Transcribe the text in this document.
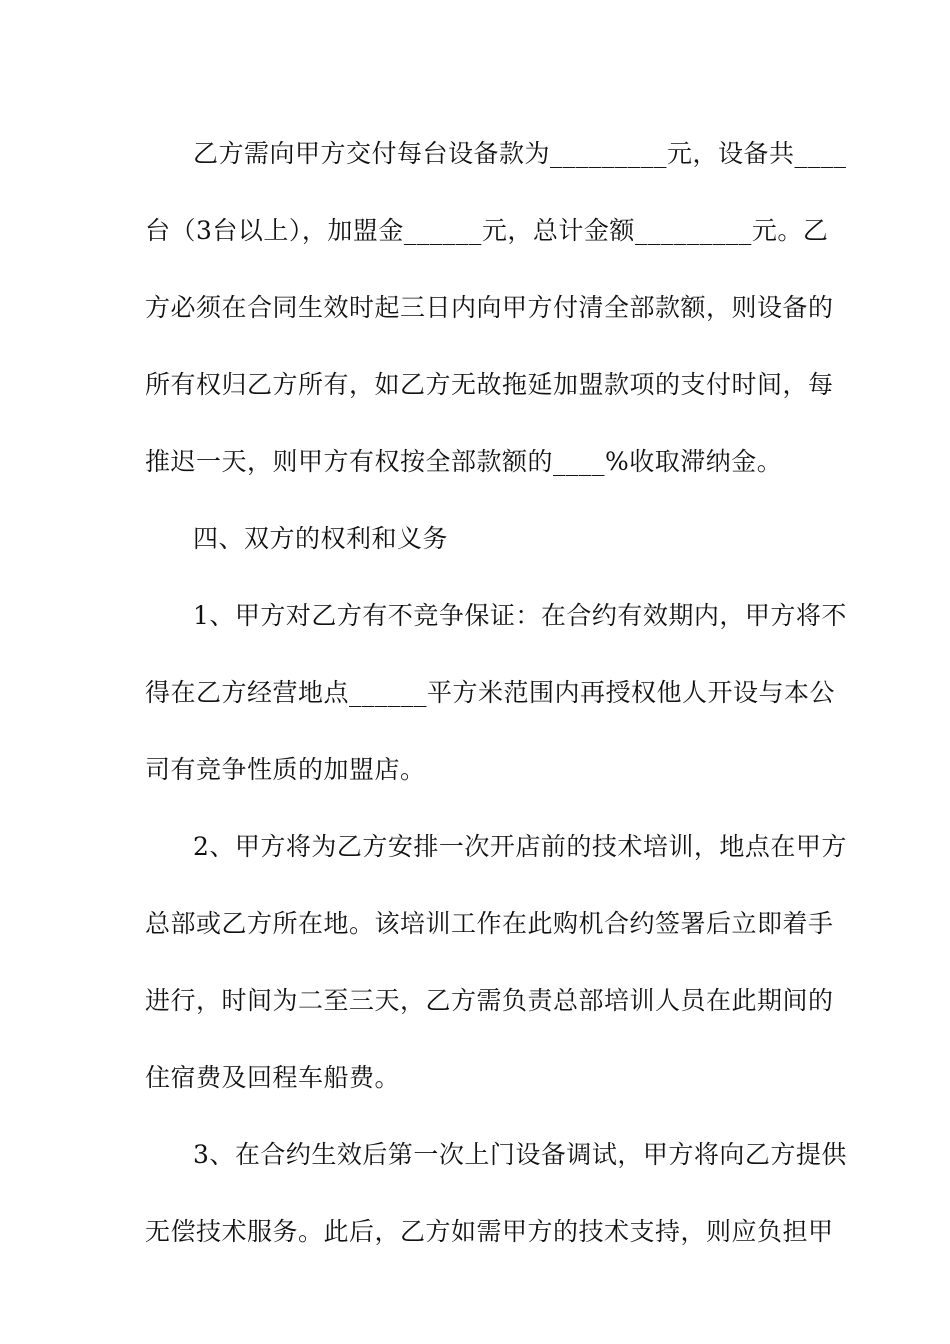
乙方需向甲方交付每台设备款为_________元，设备共____
台（3台以上），加盟金______元，总计金额_________元。乙
方必须在合同生效时起三日内向甲方付清全部款额，则设备的
所有权归乙方所有，如乙方无故拖延加盟款项的支付时间，每
推迟一天，则甲方有权按全部款额的____%收取滞纳金。
四、双方的权利和义务
1、甲方对乙方有不竞争保证：在合约有效期内，甲方将不
得在乙方经营地点______平方米范围内再授权他人开设与本公
司有竞争性质的加盟店。
2、甲方将为乙方安排一次开店前的技术培训，地点在甲方
总部或乙方所在地。该培训工作在此购机合约签署后立即着手
进行，时间为二至三天，乙方需负责总部培训人员在此期间的
住宿费及回程车船费。
3、在合约生效后第一次上门设备调试，甲方将向乙方提供
无偿技术服务。此后，乙方如需甲方的技术支持，则应负担甲
